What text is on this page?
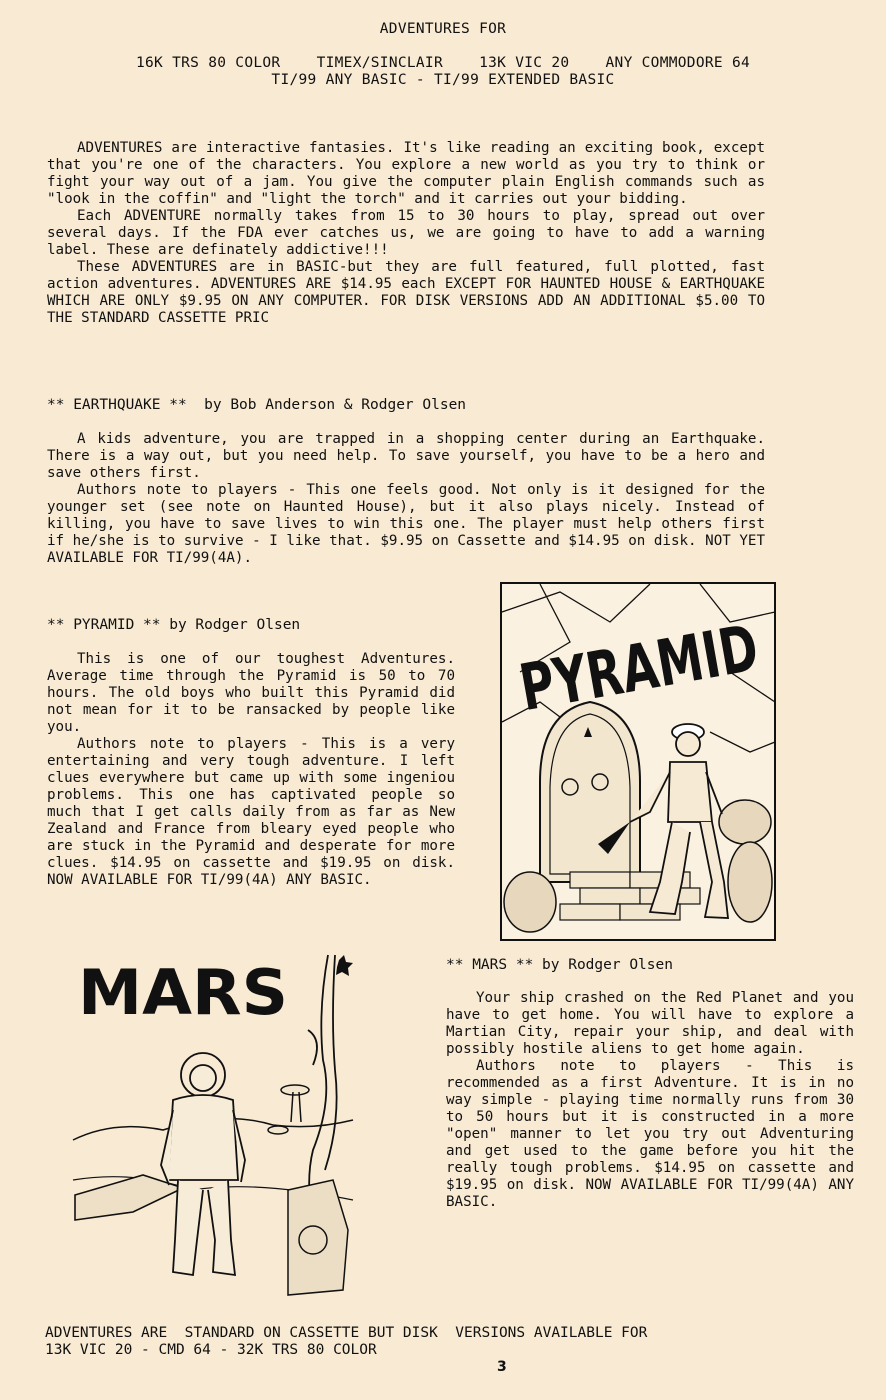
ADVENTURES FOR
16K TRS 80 COLOR    TIMEX/SINCLAIR    13K VIC 20    ANY COMMODORE 64
TI/99 ANY BASIC - TI/99 EXTENDED BASIC

ADVENTURES are interactive fantasies. It's like reading an exciting book, except that you're one of the characters. You explore a new world as you try to think or fight your way out of a jam. You give the computer plain English commands such as "look in the coffin" and "light the torch" and it carries out your bidding.

Each ADVENTURE normally takes from 15 to 30 hours to play, spread out over several days. If the FDA ever catches us, we are going to have to add a warning label. These are definately addictive!!!

These ADVENTURES are in BASIC-but they are full featured, full plotted, fast action adventures. ADVENTURES ARE $14.95 each EXCEPT FOR HAUNTED HOUSE & EARTHQUAKE WHICH ARE ONLY $9.95 ON ANY COMPUTER. FOR DISK VERSIONS ADD AN ADDITIONAL $5.00 TO THE STANDARD CASSETTE PRIC

** EARTHQUAKE **  by Bob Anderson & Rodger Olsen

A kids adventure, you are trapped in a shopping center during an Earthquake. There is a way out, but you need help. To save yourself, you have to be a hero and save others first.

Authors note to players - This one feels good. Not only is it designed for the younger set (see note on Haunted House), but it also plays nicely. Instead of killing, you have to save lives to win this one. The player must help others first if he/she is to survive - I like that. $9.95 on Cassette and $14.95 on disk. NOT YET AVAILABLE FOR TI/99(4A).

** PYRAMID ** by Rodger Olsen

This is one of our toughest Adventures. Average time through the Pyramid is 50 to 70 hours. The old boys who built this Pyramid did not mean for it to be ransacked by people like you.

Authors note to players - This is a very entertaining and very tough adventure. I left clues everywhere but came up with some ingeniou problems. This one has captivated people so much that I get calls daily from as far as New Zealand and France from bleary eyed people who are stuck in the Pyramid and desperate for more clues. $14.95 on cassette and $19.95 on disk. NOW AVAILABLE FOR TI/99(4A) ANY BASIC.

PYRAMID
MARS	** MARS ** by Rodger Olsen

Your ship crashed on the Red Planet and you have to get home. You will have to explore a Martian City, repair your ship, and deal with possibly hostile aliens to get home again.

Authors note to players - This is recommended as a first Adventure. It is in no way simple - playing time normally runs from 30 to 50 hours but it is constructed in a more "open" manner to let you try out Adventuring and get used to the game before you hit the really tough problems. $14.95 on cassette and $19.95 on disk. NOW AVAILABLE FOR TI/99(4A) ANY BASIC.

ADVENTURES ARE  STANDARD ON CASSETTE BUT DISK  VERSIONS AVAILABLE FOR
13K VIC 20 - CMD 64 - 32K TRS 80 COLOR
3
